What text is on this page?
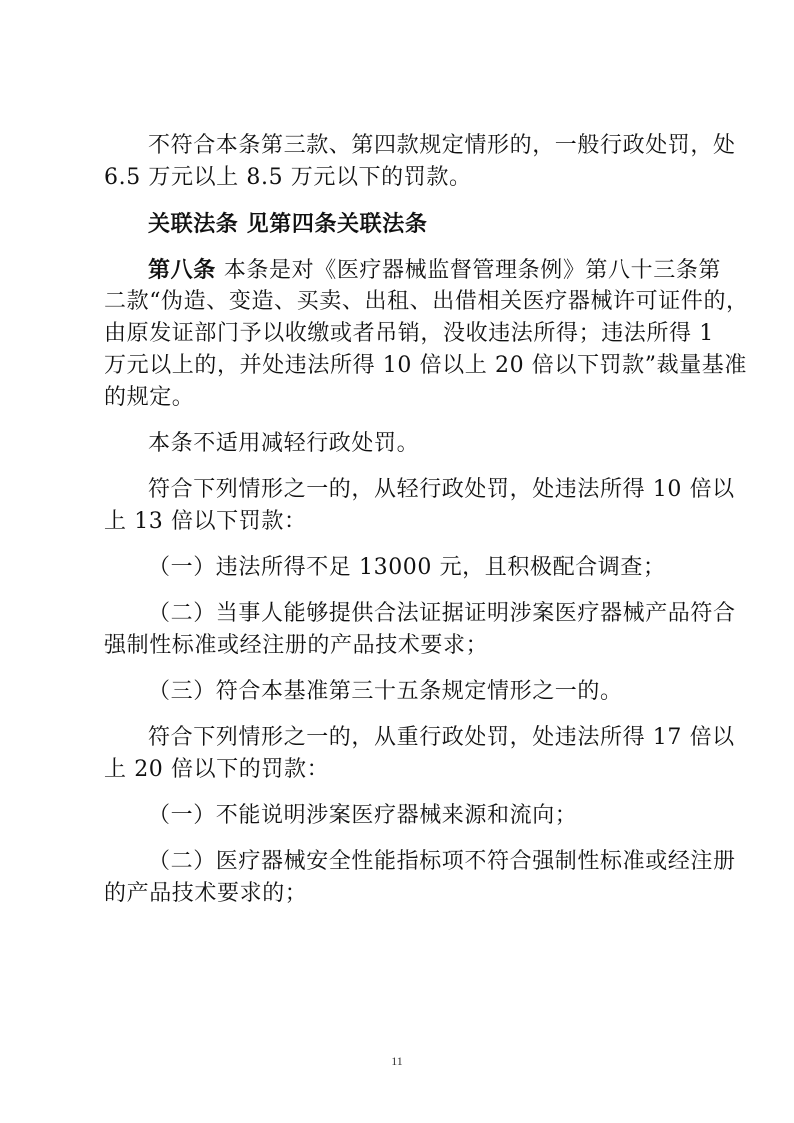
不符合本条第三款、第四款规定情形的，一般行政处罚，处
6.5 万元以上 8.5 万元以下的罚款。
关联法条 见第四条关联法条
第八条 本条是对《医疗器械监督管理条例》第八十三条第
二款“伪造、变造、买卖、出租、出借相关医疗器械许可证件的，
由原发证部门予以收缴或者吊销，没收违法所得；违法所得 1
万元以上的，并处违法所得 10 倍以上 20 倍以下罚款”裁量基准
的规定。
本条不适用减轻行政处罚。
符合下列情形之一的，从轻行政处罚，处违法所得 10 倍以
上 13 倍以下罚款：
（一）违法所得不足 13000 元，且积极配合调查；
（二）当事人能够提供合法证据证明涉案医疗器械产品符合
强制性标准或经注册的产品技术要求；
（三）符合本基准第三十五条规定情形之一的。
符合下列情形之一的，从重行政处罚，处违法所得 17 倍以
上 20 倍以下的罚款：
（一）不能说明涉案医疗器械来源和流向；
（二）医疗器械安全性能指标项不符合强制性标准或经注册
的产品技术要求的；
11
